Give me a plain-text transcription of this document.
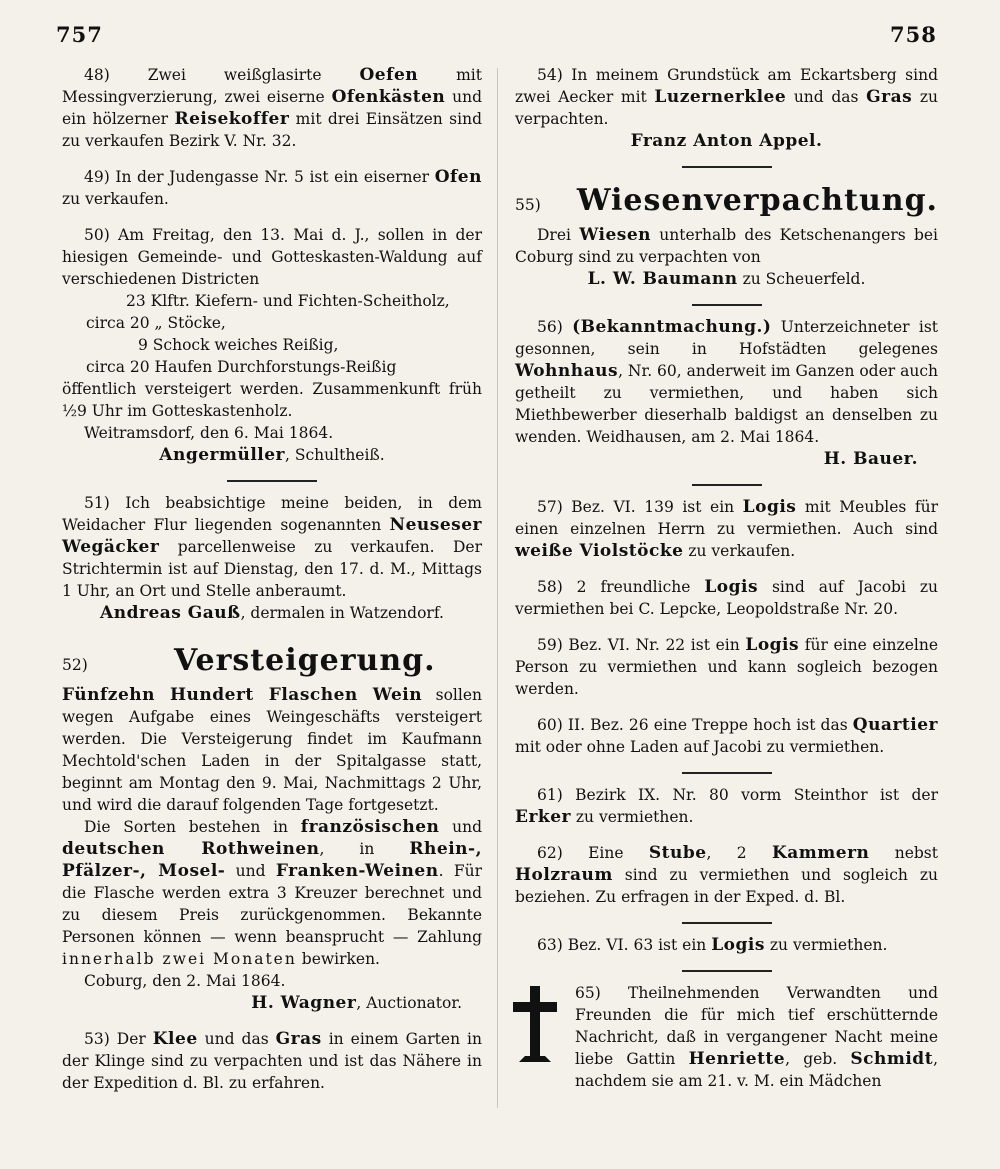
757	758

48) Zwei weißglasirte Oefen mit Messingverzierung, zwei eiserne Ofenkästen und ein hölzerner Reisekoffer mit drei Einsätzen sind zu verkaufen Bezirk V. Nr. 32.

49) In der Judengasse Nr. 5 ist ein eiserner Ofen zu verkaufen.

50) Am Freitag, den 13. Mai d. J., sollen in der hiesigen Gemeinde- und Gotteskasten-Waldung auf verschiedenen Districten

23 Klftr. Kiefern- und Fichten-Scheitholz,
circa 20 „ Stöcke,
9 Schock weiches Reißig,
circa 20 Haufen Durchforstungs-Reißig

öffentlich versteigert werden. Zusammenkunft früh ½9 Uhr im Gotteskastenholz.

Weitramsdorf, den 6. Mai 1864.

Angermüller, Schultheiß.

51) Ich beabsichtige meine beiden, in dem Weidacher Flur liegenden sogenannten Neuseser Wegäcker parcellenweise zu verkaufen. Der Strichtermin ist auf Dienstag, den 17. d. M., Mittags 1 Uhr, an Ort und Stelle anberaumt.

Andreas Gauß, dermalen in Watzendorf.

52)	Versteigerung.

Fünfzehn Hundert Flaschen Wein sollen wegen Aufgabe eines Weingeschäfts versteigert werden. Die Versteigerung findet im Kaufmann Mechtold'schen Laden in der Spitalgasse statt, beginnt am Montag den 9. Mai, Nachmittags 2 Uhr, und wird die darauf folgenden Tage fortgesetzt.

Die Sorten bestehen in französischen und deutschen Rothweinen, in Rhein-, Pfälzer-, Mosel- und Franken-Weinen. Für die Flasche werden extra 3 Kreuzer berechnet und zu diesem Preis zurückgenommen. Bekannte Personen können — wenn beansprucht — Zahlung innerhalb zwei Monaten bewirken.

Coburg, den 2. Mai 1864.

H. Wagner, Auctionator.

53) Der Klee und das Gras in einem Garten in der Klinge sind zu verpachten und ist das Nähere in der Expedition d. Bl. zu erfahren.

54) In meinem Grundstück am Eckartsberg sind zwei Aecker mit Luzernerklee und das Gras zu verpachten.

Franz Anton Appel.

55)	Wiesenverpachtung.

Drei Wiesen unterhalb des Ketschenangers bei Coburg sind zu verpachten von

L. W. Baumann zu Scheuerfeld.

56) (Bekanntmachung.) Unterzeichneter ist gesonnen, sein in Hofstädten gelegenes Wohnhaus, Nr. 60, anderweit im Ganzen oder auch getheilt zu vermiethen, und haben sich Miethbewerber dieserhalb baldigst an denselben zu wenden. Weidhausen, am 2. Mai 1864.

H. Bauer.

57) Bez. VI. 139 ist ein Logis mit Meubles für einen einzelnen Herrn zu vermiethen. Auch sind weiße Violstöcke zu verkaufen.

58) 2 freundliche Logis sind auf Jacobi zu vermiethen bei C. Lepcke, Leopoldstraße Nr. 20.

59) Bez. VI. Nr. 22 ist ein Logis für eine einzelne Person zu vermiethen und kann sogleich bezogen werden.

60) II. Bez. 26 eine Treppe hoch ist das Quartier mit oder ohne Laden auf Jacobi zu vermiethen.

61) Bezirk IX. Nr. 80 vorm Steinthor ist der Erker zu vermiethen.

62) Eine Stube, 2 Kammern nebst Holzraum sind zu vermiethen und sogleich zu beziehen. Zu erfragen in der Exped. d. Bl.

63) Bez. VI. 63 ist ein Logis zu vermiethen.

65) Theilnehmenden Verwandten und Freunden die für mich tief erschütternde Nachricht, daß in vergangener Nacht meine liebe Gattin Henriette, geb. Schmidt, nachdem sie am 21. v. M. ein Mädchen
